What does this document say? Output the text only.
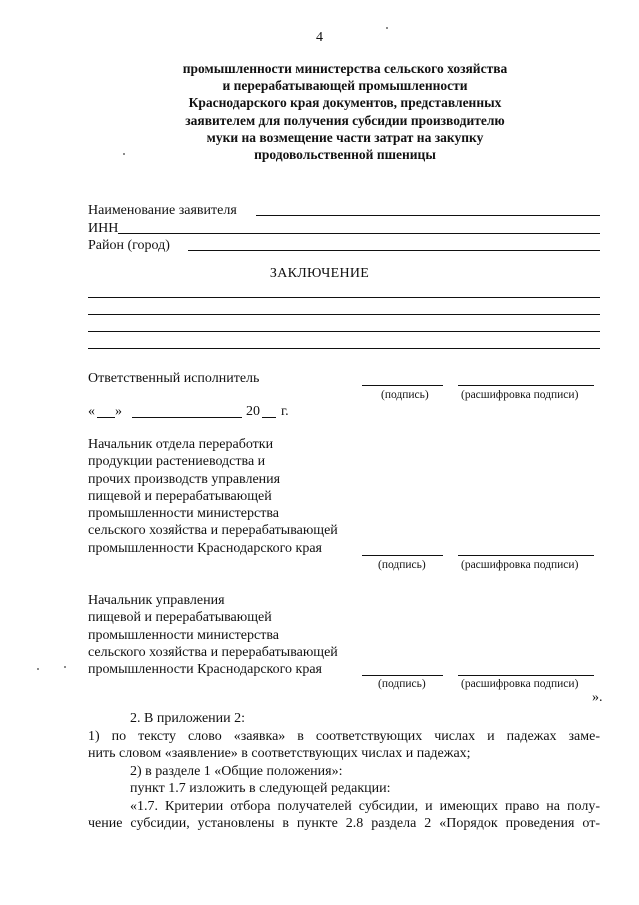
4
промышленности министерства сельского хозяйства
и перерабатывающей промышленности
Краснодарского края документов, представленных
заявителем для получения субсидии производителю
муки на возмещение части затрат на закупку
продовольственной пшеницы
Наименование заявителя
ИНН
Район (город)
ЗАКЛЮЧЕНИЕ
Ответственный исполнитель
(подпись)	(расшифровка подписи)
« »	20 г.
Начальник отдела переработки
продукции растениеводства и
прочих производств управления
пищевой и перерабатывающей
промышленности министерства
сельского хозяйства и перерабатывающей
промышленности Краснодарского края
(подпись)	(расшифровка подписи)
Начальник управления
пищевой и перерабатывающей
промышленности министерства
сельского хозяйства и перерабатывающей
промышленности Краснодарского края
(подпись)	(расшифровка подписи)
».
2. В приложении 2:
1) по тексту слово «заявка» в соответствующих числах и падежах заме-
нить словом «заявление» в соответствующих числах и падежах;
2) в разделе 1 «Общие положения»:
пункт 1.7 изложить в следующей редакции:
«1.7. Критерии отбора получателей субсидии, и имеющих право на полу-
чение субсидии, установлены в пункте 2.8 раздела 2 «Порядок проведения от-
